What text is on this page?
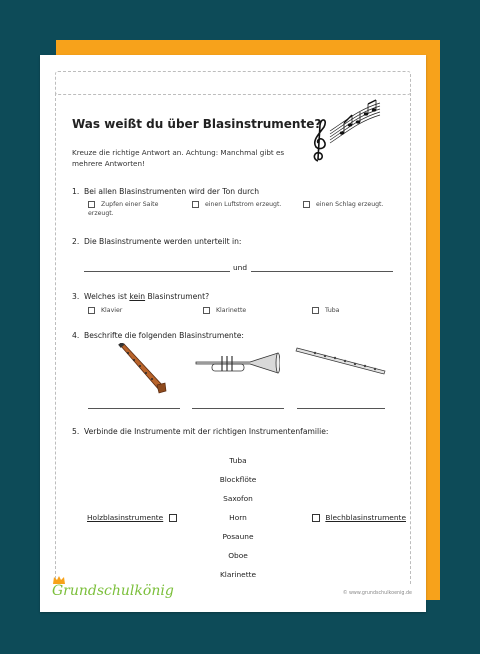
Was weißt du über Blasinstrumente?
Kreuze die richtige Antwort an. Achtung: Manchmal gibt es mehrere Antworten!
1. Bei allen Blasinstrumenten wird der Ton durch
Zupfen einer Saite erzeugt.
einen Luftstrom erzeugt.	einen Schlag erzeugt.
2. Die Blasinstrumente werden unterteilt in:
und
3. Welches ist kein Blasinstrument?
Klavier	Klarinette	Tuba
4. Beschrifte die folgenden Blasinstrumente:
5. Verbinde die Instrumente mit der richtigen Instrumentenfamilie:
Tuba
Blockflöte
Saxofon
Horn
Posaune
Oboe
Klarinette
Holzblasinstrumente	Blechblasinstrumente
Grundschulkönig	© www.grundschulkoenig.de
